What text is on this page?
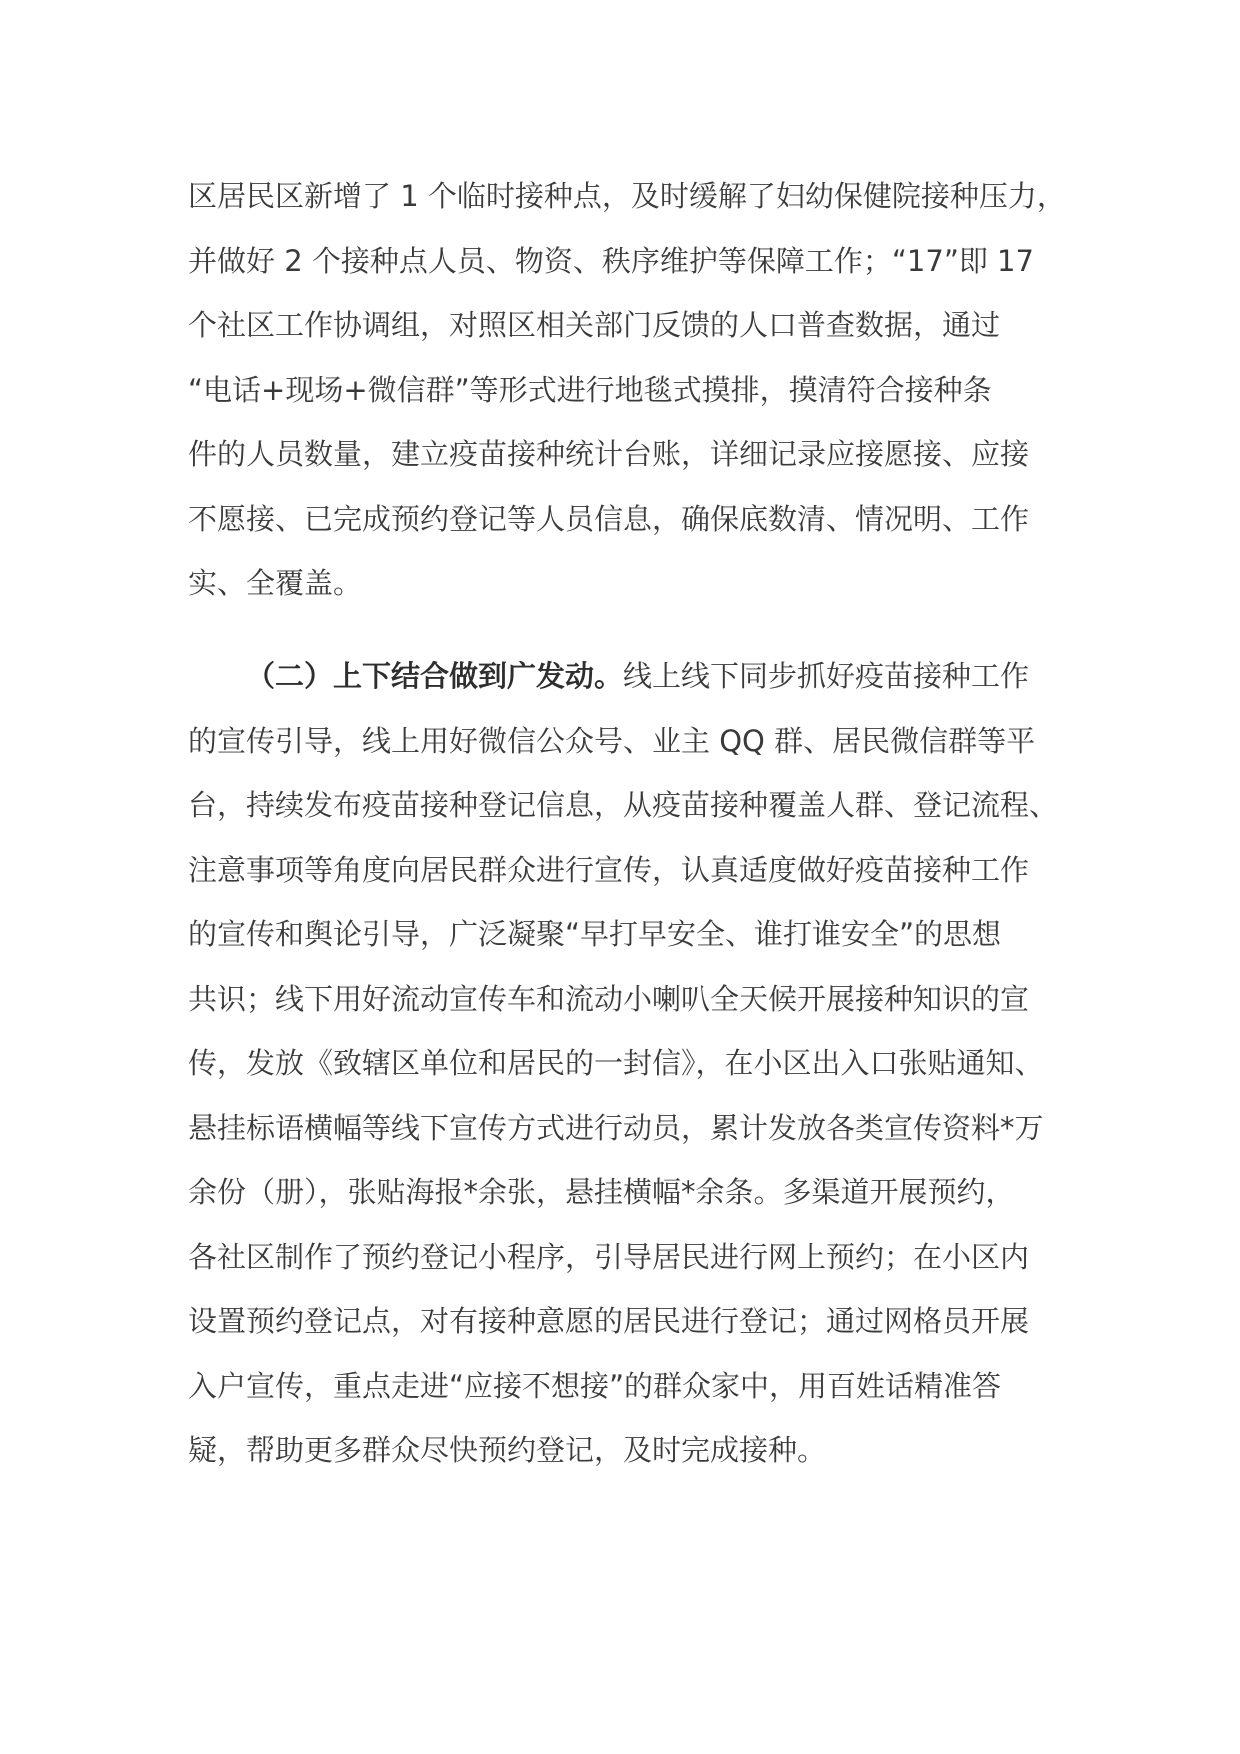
区居民区新增了 1 个临时接种点，及时缓解了妇幼保健院接种压力，
并做好 2 个接种点人员、物资、秩序维护等保障工作；“17”即 17
个社区工作协调组，对照区相关部门反馈的人口普查数据，通过
“电话+现场+微信群”等形式进行地毯式摸排，摸清符合接种条
件的人员数量，建立疫苗接种统计台账，详细记录应接愿接、应接
不愿接、已完成预约登记等人员信息，确保底数清、情况明、工作
实、全覆盖。
（二）上下结合做到广发动。线上线下同步抓好疫苗接种工作
的宣传引导，线上用好微信公众号、业主 QQ 群、居民微信群等平
台，持续发布疫苗接种登记信息，从疫苗接种覆盖人群、登记流程、
注意事项等角度向居民群众进行宣传，认真适度做好疫苗接种工作
的宣传和舆论引导，广泛凝聚“早打早安全、谁打谁安全”的思想
共识；线下用好流动宣传车和流动小喇叭全天候开展接种知识的宣
传，发放《致辖区单位和居民的一封信》，在小区出入口张贴通知、
悬挂标语横幅等线下宣传方式进行动员，累计发放各类宣传资料*万
余份（册），张贴海报*余张，悬挂横幅*余条。多渠道开展预约，
各社区制作了预约登记小程序，引导居民进行网上预约；在小区内
设置预约登记点，对有接种意愿的居民进行登记；通过网格员开展
入户宣传，重点走进“应接不想接”的群众家中，用百姓话精准答
疑，帮助更多群众尽快预约登记，及时完成接种。
